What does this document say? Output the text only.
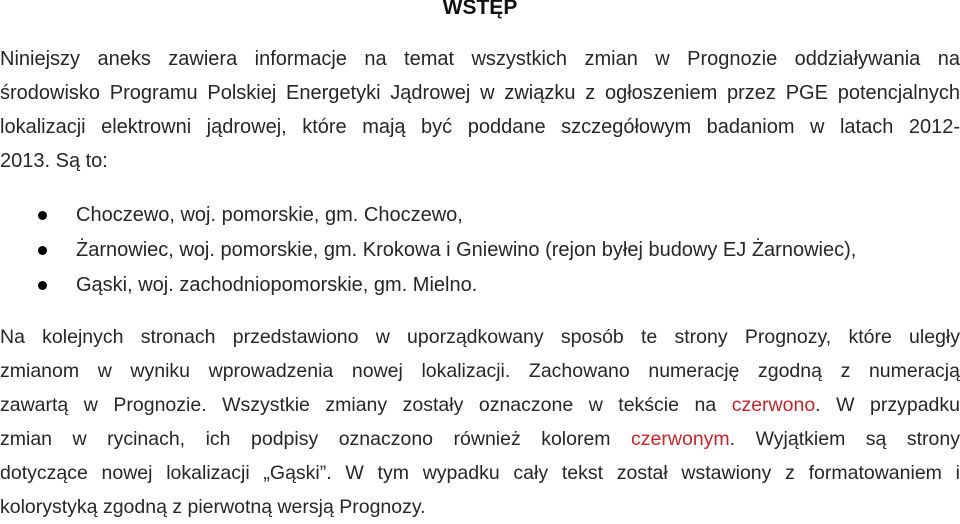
WSTĘP
Niniejszy aneks zawiera informacje na temat wszystkich zmian w Prognozie oddziaływania na
środowisko Programu Polskiej Energetyki Jądrowej w związku z ogłoszeniem przez PGE potencjalnych
lokalizacji elektrowni jądrowej, które mają być poddane szczegółowym badaniom w latach 2012-
2013. Są to:
Choczewo, woj. pomorskie, gm. Choczewo,
Żarnowiec, woj. pomorskie, gm. Krokowa i Gniewino (rejon byłej budowy EJ Żarnowiec),
Gąski, woj. zachodniopomorskie, gm. Mielno.
Na kolejnych stronach przedstawiono w uporządkowany sposób te strony Prognozy, które uległy
zmianom w wyniku wprowadzenia nowej lokalizacji. Zachowano numerację zgodną z numeracją
zawartą w Prognozie. Wszystkie zmiany zostały oznaczone w tekście na czerwono. W przypadku
zmian w rycinach, ich podpisy oznaczono również kolorem czerwonym. Wyjątkiem są strony
dotyczące nowej lokalizacji „Gąski”. W tym wypadku cały tekst został wstawiony z formatowaniem i
kolorystyką zgodną z pierwotną wersją Prognozy.
